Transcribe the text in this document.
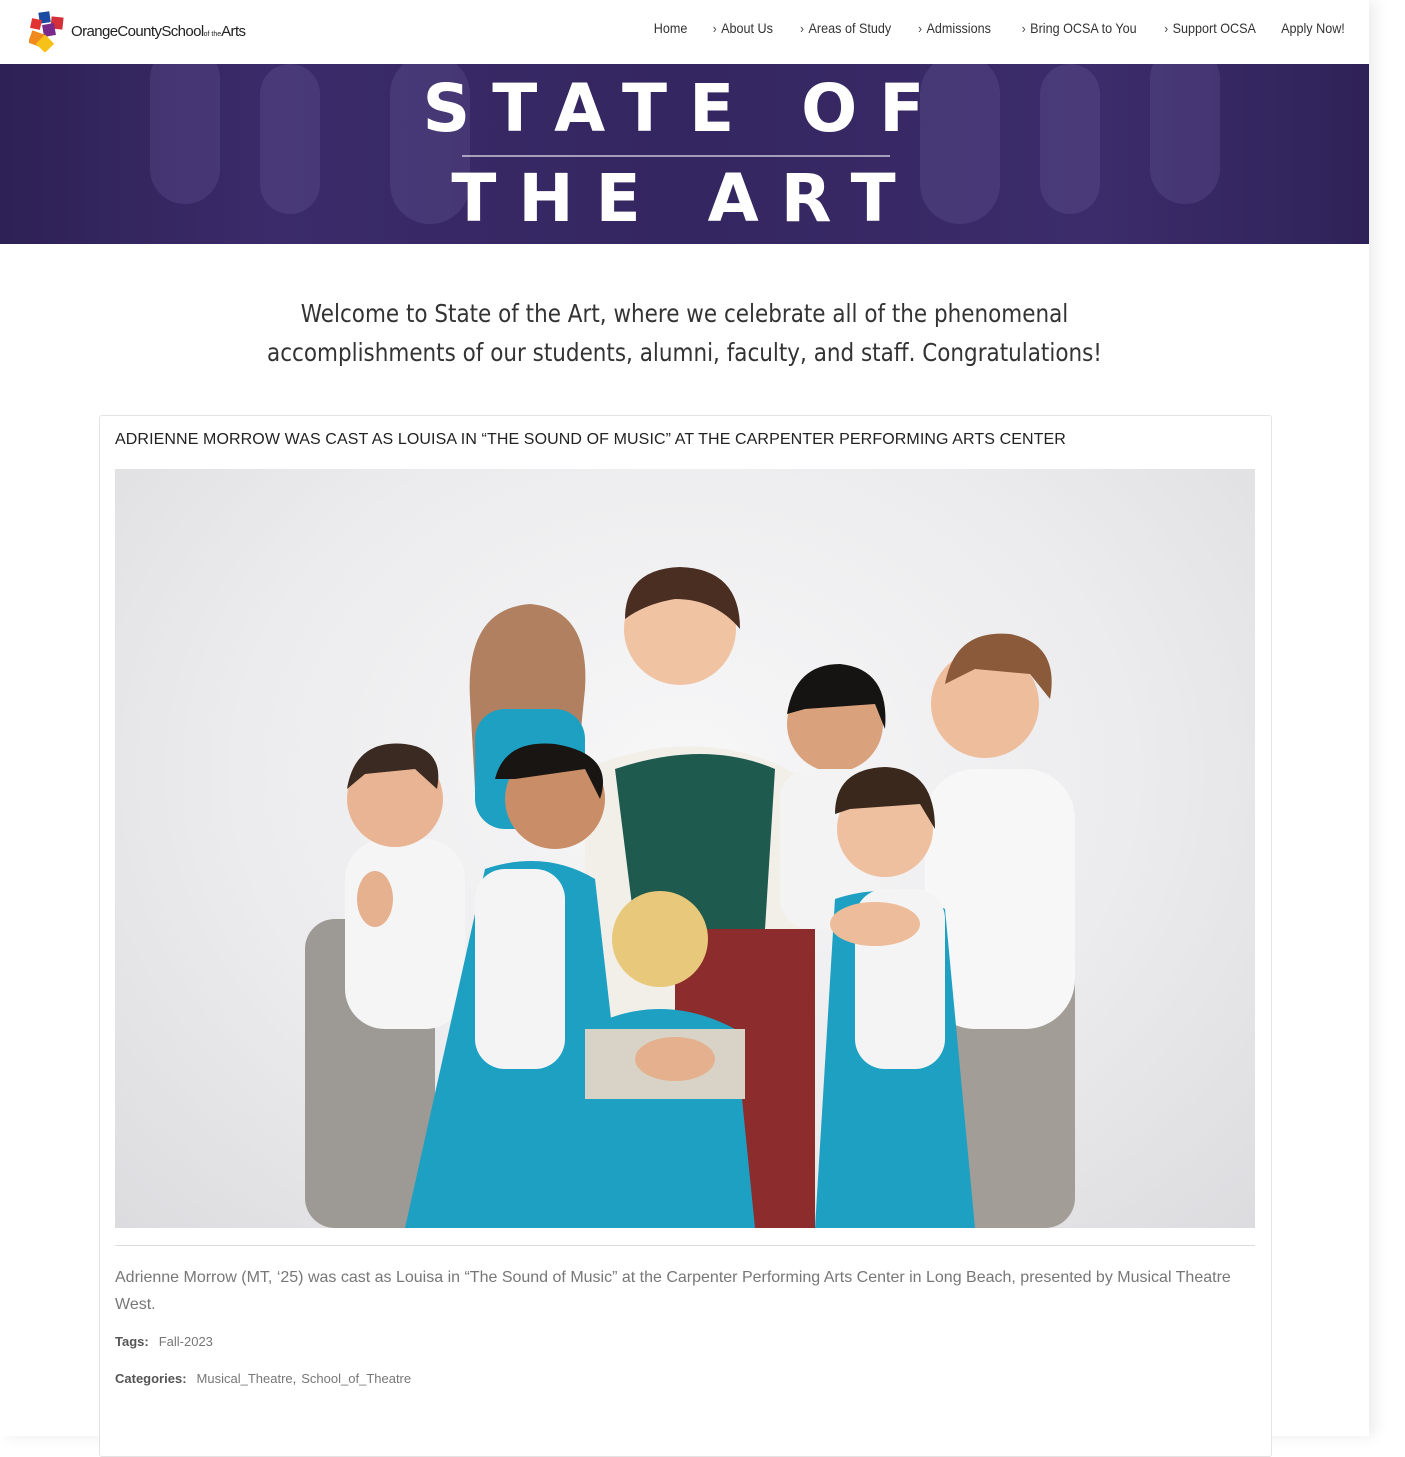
OrangeCountySchoolof theArts	Home › About Us › Areas of Study › Admissions › Bring OCSA to You › Support OCSA Apply Now!
STATE OF
THE ART
Welcome to State of the Art, where we celebrate all of the phenomenal
accomplishments of our students, alumni, faculty, and staff. Congratulations!
ADRIENNE MORROW WAS CAST AS LOUISA IN “THE SOUND OF MUSIC” AT THE CARPENTER PERFORMING ARTS CENTER
Adrienne Morrow (MT, ‘25) was cast as Louisa in “The Sound of Music” at the Carpenter Performing Arts Center in Long Beach, presented by Musical Theatre West.
Tags: Fall-2023
Categories: Musical_Theatre, School_of_Theatre
